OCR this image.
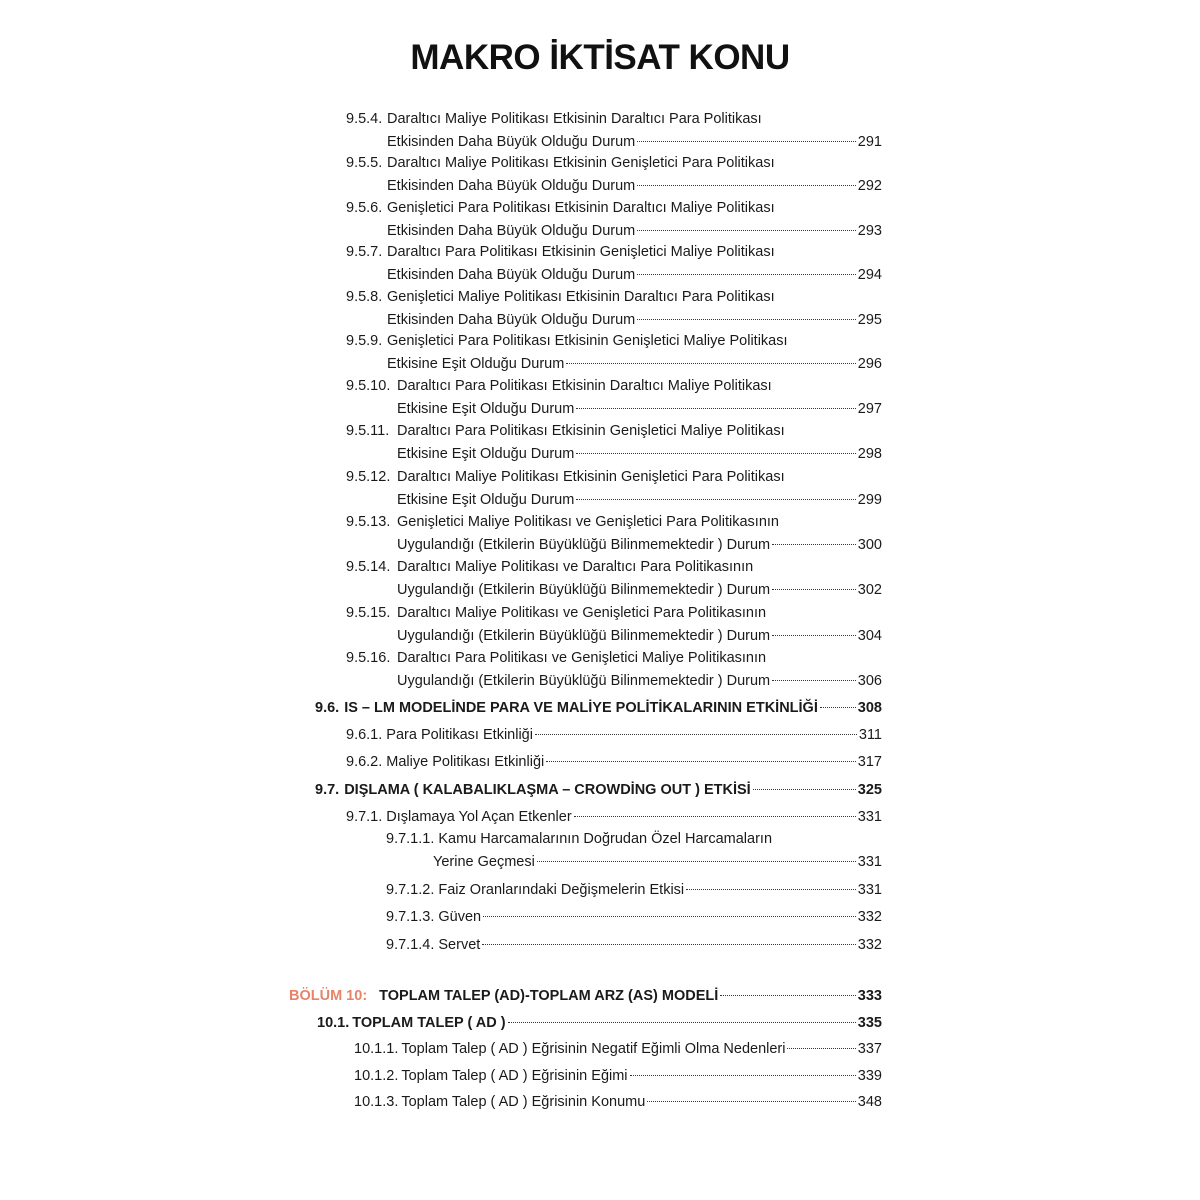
MAKRO İKTİSAT KONU
9.5.4. Daraltıcı Maliye Politikası Etkisinin Daraltıcı Para Politikası
Etkisinden Daha Büyük Olduğu Durum	291
9.5.5. Daraltıcı Maliye Politikası Etkisinin Genişletici Para Politikası
Etkisinden Daha Büyük Olduğu Durum	292
9.5.6. Genişletici Para Politikası Etkisinin Daraltıcı Maliye Politikası
Etkisinden Daha Büyük Olduğu Durum	293
9.5.7. Daraltıcı Para Politikası Etkisinin Genişletici Maliye Politikası
Etkisinden Daha Büyük Olduğu Durum	294
9.5.8. Genişletici Maliye Politikası Etkisinin Daraltıcı Para Politikası
Etkisinden Daha Büyük Olduğu Durum	295
9.5.9. Genişletici Para Politikası Etkisinin Genişletici Maliye Politikası
Etkisine Eşit Olduğu Durum	296
9.5.10. Daraltıcı Para Politikası Etkisinin Daraltıcı Maliye Politikası
Etkisine Eşit Olduğu Durum	297
9.5.11. Daraltıcı Para Politikası Etkisinin Genişletici Maliye Politikası
Etkisine Eşit Olduğu Durum	298
9.5.12. Daraltıcı Maliye Politikası Etkisinin Genişletici Para Politikası
Etkisine Eşit Olduğu Durum	299
9.5.13. Genişletici Maliye Politikası ve Genişletici Para Politikasının
Uygulandığı (Etkilerin Büyüklüğü Bilinmemektedir ) Durum	300
9.5.14. Daraltıcı Maliye Politikası ve Daraltıcı Para Politikasının
Uygulandığı (Etkilerin Büyüklüğü Bilinmemektedir ) Durum	302
9.5.15. Daraltıcı Maliye Politikası ve Genişletici Para Politikasının
Uygulandığı (Etkilerin Büyüklüğü Bilinmemektedir ) Durum	304
9.5.16. Daraltıcı Para Politikası ve Genişletici Maliye Politikasının
Uygulandığı (Etkilerin Büyüklüğü Bilinmemektedir ) Durum	306
9.6. IS – LM MODELİNDE PARA VE MALİYE POLİTİKALARININ ETKİNLİĞİ	308
9.6.1. Para Politikası Etkinliği	311
9.6.2. Maliye Politikası Etkinliği	317
9.7. DIŞLAMA ( KALABALIKLAŞMA – CROWDİNG OUT ) ETKİSİ	325
9.7.1. Dışlamaya Yol Açan Etkenler	331
9.7.1.1. Kamu Harcamalarının Doğrudan Özel Harcamaların
Yerine Geçmesi	331
9.7.1.2. Faiz Oranlarındaki Değişmelerin Etkisi	331
9.7.1.3. Güven	332
9.7.1.4. Servet	332
BÖLÜM 10: TOPLAM TALEP (AD)-TOPLAM ARZ (AS) MODELİ	333
10.1. TOPLAM TALEP ( AD )	335
10.1.1. Toplam Talep ( AD ) Eğrisinin Negatif Eğimli Olma Nedenleri	337
10.1.2. Toplam Talep ( AD ) Eğrisinin Eğimi	339
10.1.3. Toplam Talep ( AD ) Eğrisinin Konumu	348
